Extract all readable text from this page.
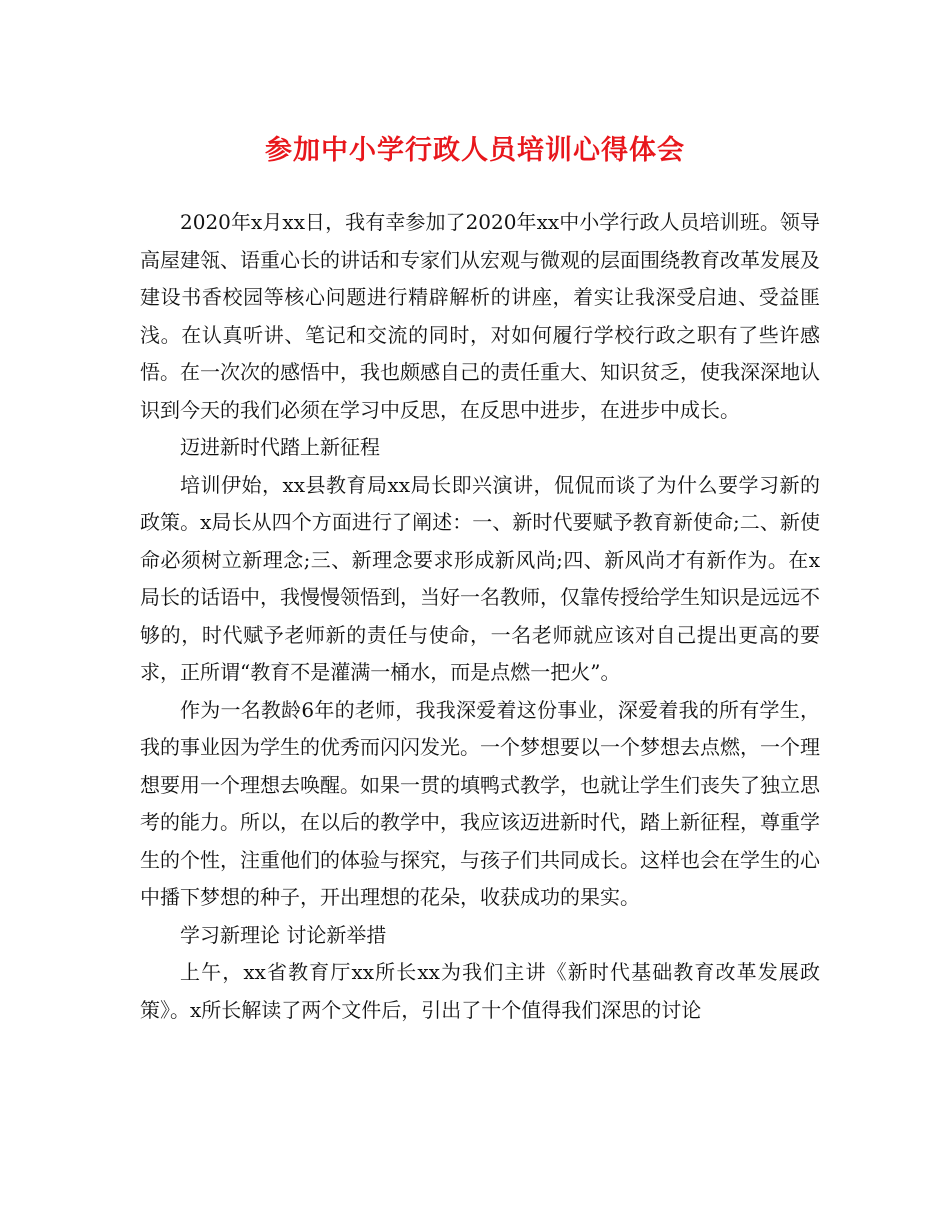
参加中小学行政人员培训心得体会

2020年x月xx日，我有幸参加了2020年xx中小学行政人员培训班。领导高屋建瓴、语重心长的讲话和专家们从宏观与微观的层面围绕教育改革发展及建设书香校园等核心问题进行精辟解析的讲座，着实让我深受启迪、受益匪浅。在认真听讲、笔记和交流的同时，对如何履行学校行政之职有了些许感悟。在一次次的感悟中，我也颇感自己的责任重大、知识贫乏，使我深深地认识到今天的我们必须在学习中反思，在反思中进步，在进步中成长。

迈进新时代踏上新征程

培训伊始，xx县教育局xx局长即兴演讲，侃侃而谈了为什么要学习新的政策。x局长从四个方面进行了阐述：一、新时代要赋予教育新使命;二、新使命必须树立新理念;三、新理念要求形成新风尚;四、新风尚才有新作为。在x局长的话语中，我慢慢领悟到，当好一名教师，仅靠传授给学生知识是远远不够的，时代赋予老师新的责任与使命，一名老师就应该对自己提出更高的要求，正所谓“教育不是灌满一桶水，而是点燃一把火”。

作为一名教龄6年的老师，我我深爱着这份事业，深爱着我的所有学生，我的事业因为学生的优秀而闪闪发光。一个梦想要以一个梦想去点燃，一个理想要用一个理想去唤醒。如果一贯的填鸭式教学，也就让学生们丧失了独立思考的能力。所以，在以后的教学中，我应该迈进新时代，踏上新征程，尊重学生的个性，注重他们的体验与探究，与孩子们共同成长。这样也会在学生的心中播下梦想的种子，开出理想的花朵，收获成功的果实。

学习新理论 讨论新举措

上午，xx省教育厅xx所长xx为我们主讲《新时代基础教育改革发展政策》。x所长解读了两个文件后，引出了十个值得我们深思的讨论
